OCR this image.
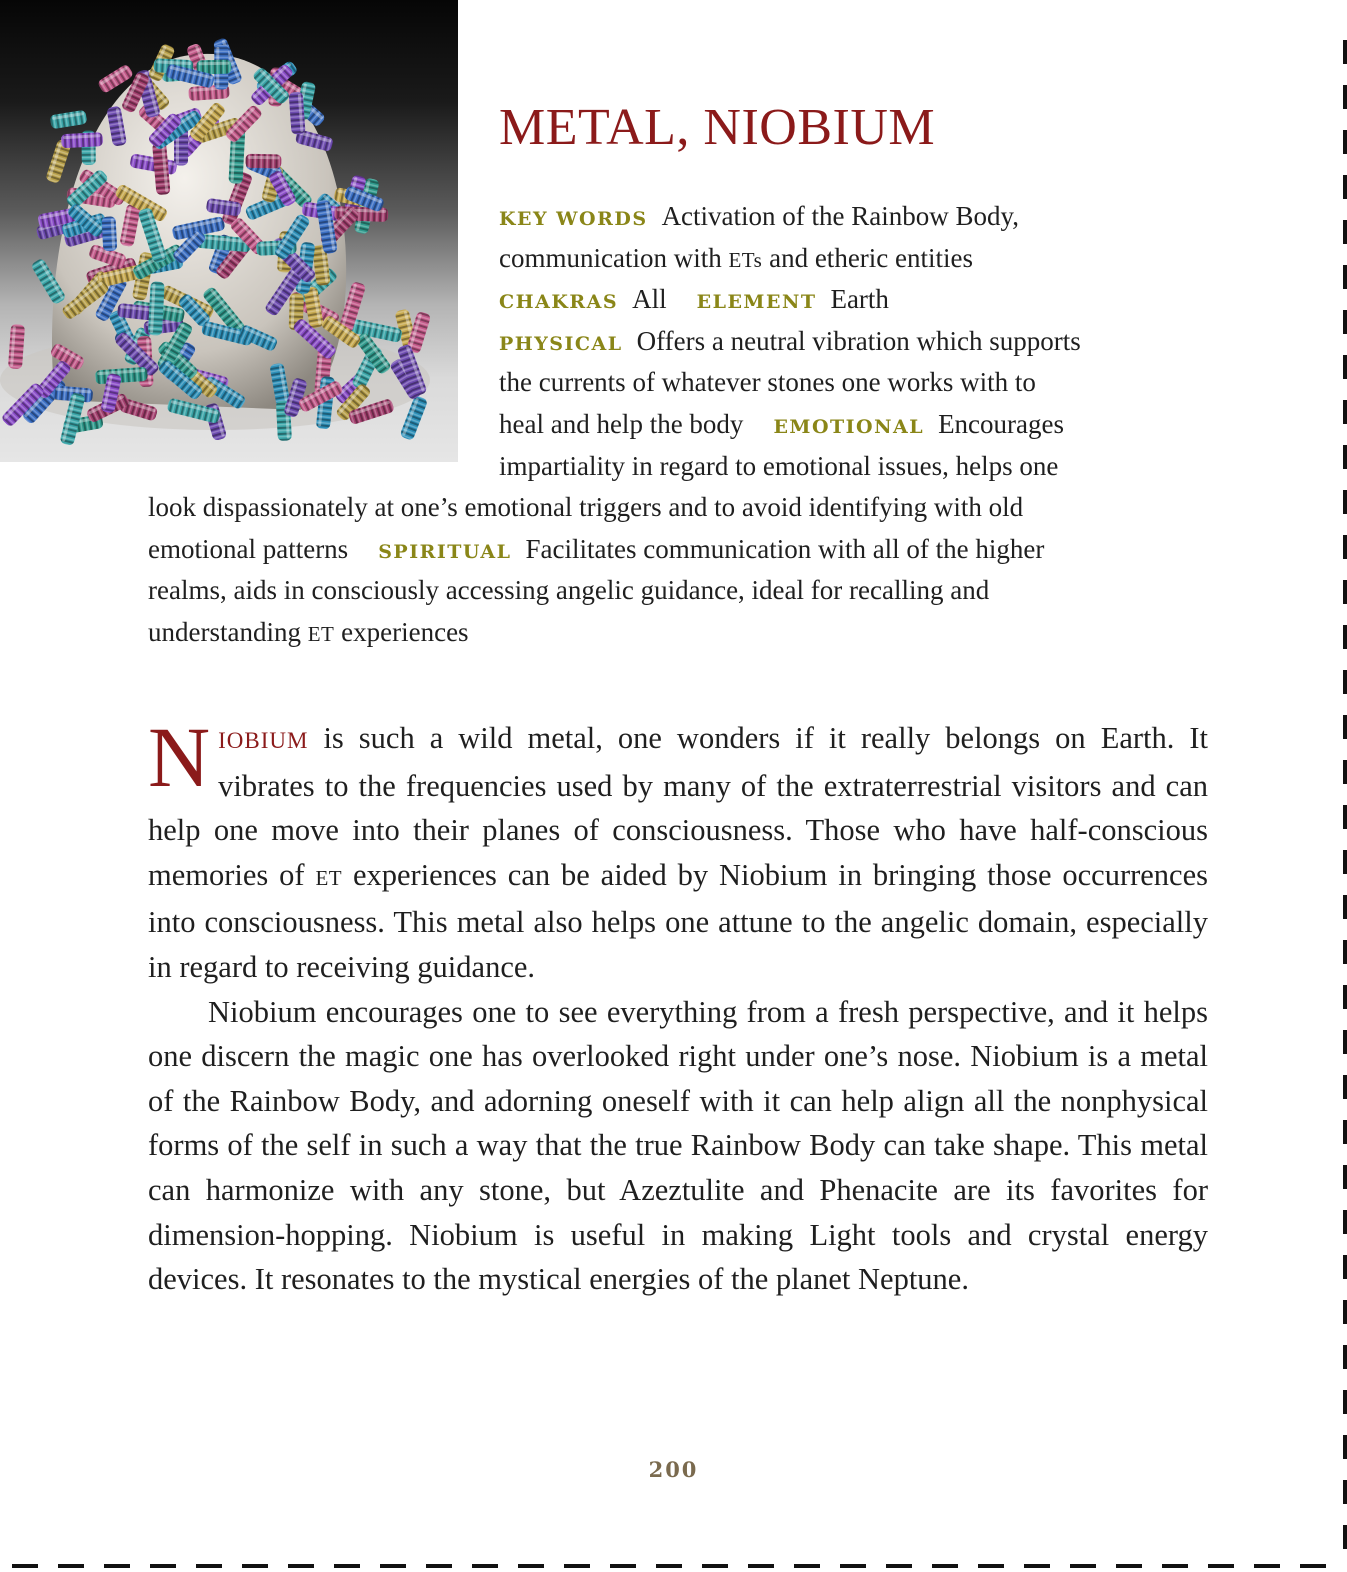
METAL, NIOBIUM
KEY WORDS Activation of the Rainbow Body,
communication with ETs and etheric entities
CHAKRAS All ELEMENT Earth
PHYSICAL Offers a neutral vibration which supports
the currents of whatever stones one works with to
heal and help the body EMOTIONAL Encourages
impartiality in regard to emotional issues, helps one
look dispassionately at one’s emotional triggers and to avoid identifying with old
emotional patterns SPIRITUAL Facilitates communication with all of the higher
realms, aids in consciously accessing angelic guidance, ideal for recalling and
understanding ET experiences

NIOBIUM is such a wild metal, one wonders if it really belongs on Earth. It vibrates to the frequencies used by many of the extraterrestrial visitors and can help one move into their planes of consciousness. Those who have half-conscious memories of ET experiences can be aided by Niobium in bringing those occurrences into consciousness. This metal also helps one attune to the angelic domain, especially in regard to receiving guidance.

Niobium encourages one to see everything from a fresh perspective, and it helps one discern the magic one has overlooked right under one’s nose. Niobium is a metal of the Rainbow Body, and adorning oneself with it can help align all the nonphysical forms of the self in such a way that the true Rainbow Body can take shape. This metal can harmonize with any stone, but Azeztulite and Phenacite are its favorites for dimension-hopping. Niobium is useful in making Light tools and crystal energy devices. It resonates to the mystical energies of the planet Neptune.

200
